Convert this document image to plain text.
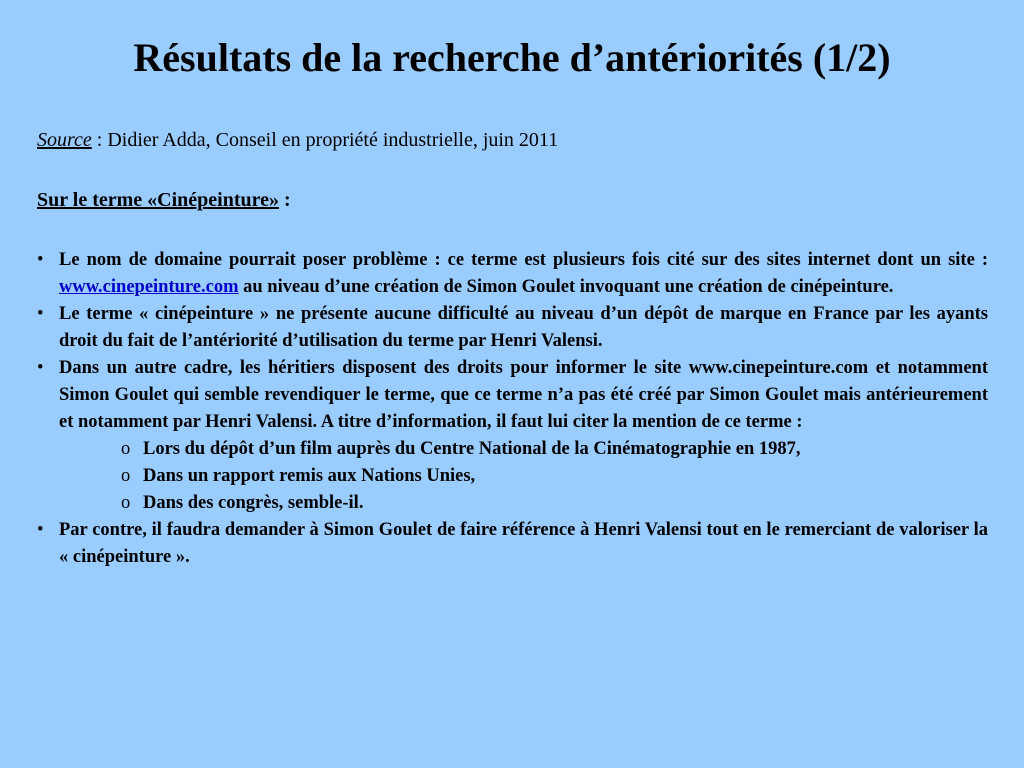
Résultats de la recherche d’antériorités (1/2)

Source : Didier Adda, Conseil en propriété industrielle, juin 2011

Sur le terme «Cinépeinture» :

• Le nom de domaine pourrait poser problème : ce terme est plusieurs fois cité sur des sites internet dont un site : www.cinepeinture.com au niveau d’une création de Simon Goulet invoquant une création de cinépeinture.
• Le terme « cinépeinture » ne présente aucune difficulté au niveau d’un dépôt de marque en France par les ayants droit du fait de l’antériorité d’utilisation du terme par Henri Valensi.
• Dans un autre cadre, les héritiers disposent des droits pour informer le site www.cinepeinture.com et notamment Simon Goulet qui semble revendiquer le terme, que ce terme n’a pas été créé par Simon Goulet mais antérieurement et notamment par Henri Valensi. A titre d’information, il faut lui citer la mention de ce terme :
o Lors du dépôt d’un film auprès du Centre National de la Cinématographie en 1987,
o Dans un rapport remis aux Nations Unies,
o Dans des congrès, semble-il.
• Par contre, il faudra demander à Simon Goulet de faire référence à Henri Valensi tout en le remerciant de valoriser la « cinépeinture ».
